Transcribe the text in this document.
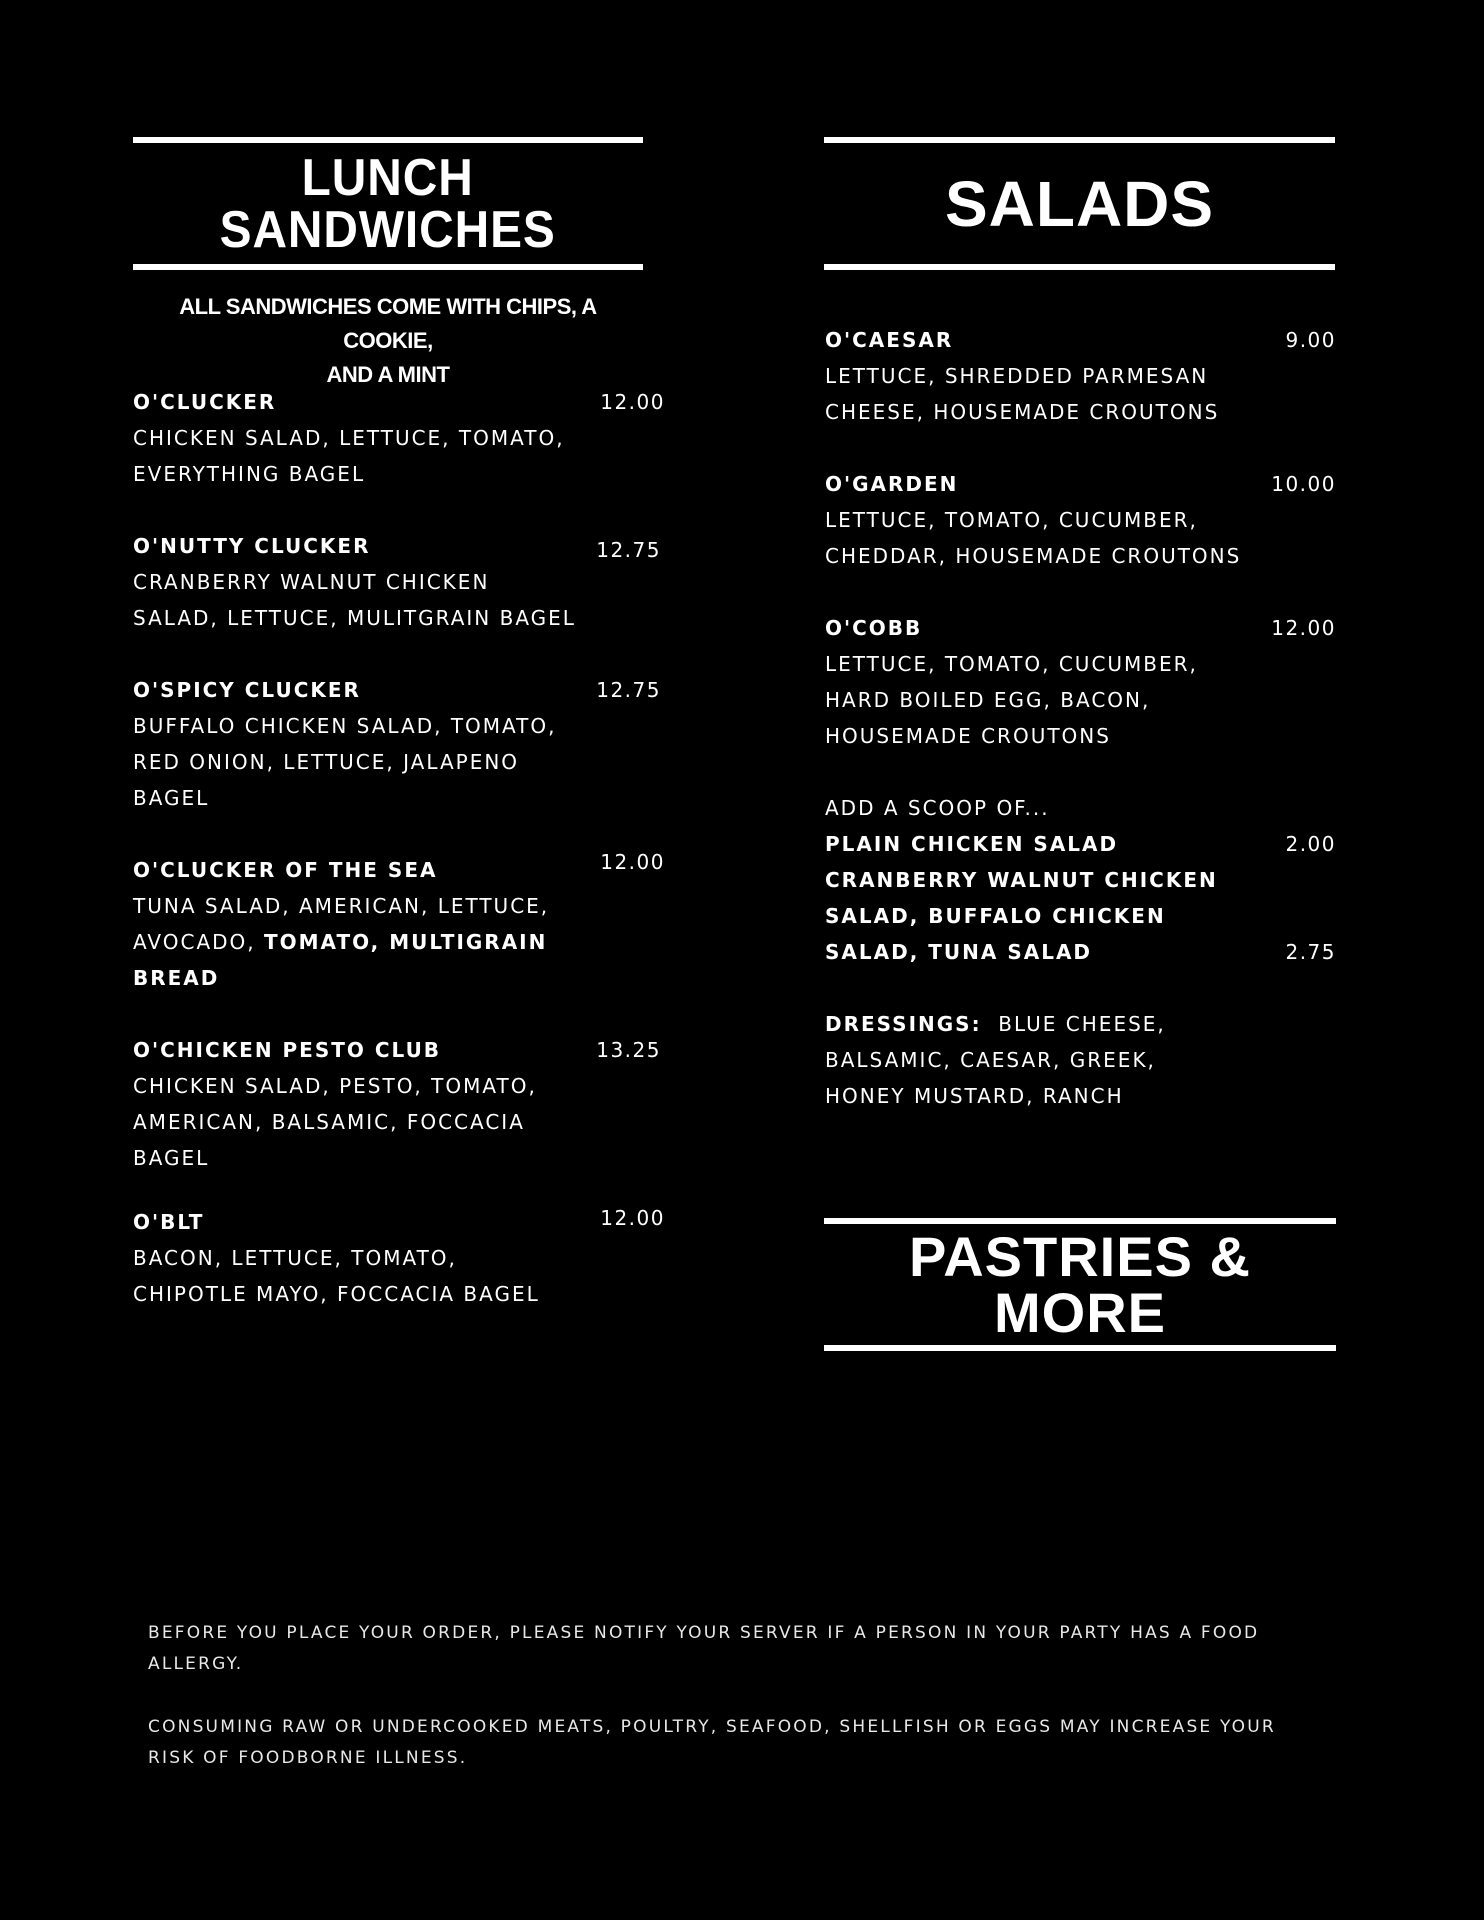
LUNCH
SANDWICHES
ALL SANDWICHES COME WITH CHIPS, A COOKIE,
AND A MINT
12.00
O'CLUCKER
CHICKEN SALAD, LETTUCE, TOMATO, EVERYTHING BAGEL
12.75
O'NUTTY CLUCKER
CRANBERRY WALNUT CHICKEN SALAD, LETTUCE, MULITGRAIN BAGEL
12.75
O'SPICY CLUCKER
BUFFALO CHICKEN SALAD, TOMATO, RED ONION, LETTUCE, JALAPENO BAGEL
12.00
O'CLUCKER OF THE SEA
TUNA SALAD, AMERICAN, LETTUCE, AVOCADO, TOMATO, MULTIGRAIN BREAD
13.25
O'CHICKEN PESTO CLUB
CHICKEN SALAD, PESTO, TOMATO, AMERICAN, BALSAMIC, FOCCACIA BAGEL
12.00
O'BLT
BACON, LETTUCE, TOMATO, CHIPOTLE MAYO, FOCCACIA BAGEL
SALADS
9.00
O'CAESAR
LETTUCE, SHREDDED PARMESAN CHEESE, HOUSEMADE CROUTONS
10.00
O'GARDEN
LETTUCE, TOMATO, CUCUMBER, CHEDDAR, HOUSEMADE CROUTONS
12.00
O'COBB
LETTUCE, TOMATO, CUCUMBER, HARD BOILED EGG, BACON, HOUSEMADE CROUTONS
ADD A SCOOP OF...
PLAIN CHICKEN SALAD	2.00
CRANBERRY WALNUT CHICKEN SALAD, BUFFALO CHICKEN SALAD, TUNA SALAD	2.75
DRESSINGS: BLUE CHEESE, BALSAMIC, CAESAR, GREEK, HONEY MUSTARD, RANCH
PASTRIES & MORE

BEFORE YOU PLACE YOUR ORDER, PLEASE NOTIFY YOUR SERVER IF A PERSON IN YOUR PARTY HAS A FOOD ALLERGY.

CONSUMING RAW OR UNDERCOOKED MEATS, POULTRY, SEAFOOD, SHELLFISH OR EGGS MAY INCREASE YOUR RISK OF FOODBORNE ILLNESS.
